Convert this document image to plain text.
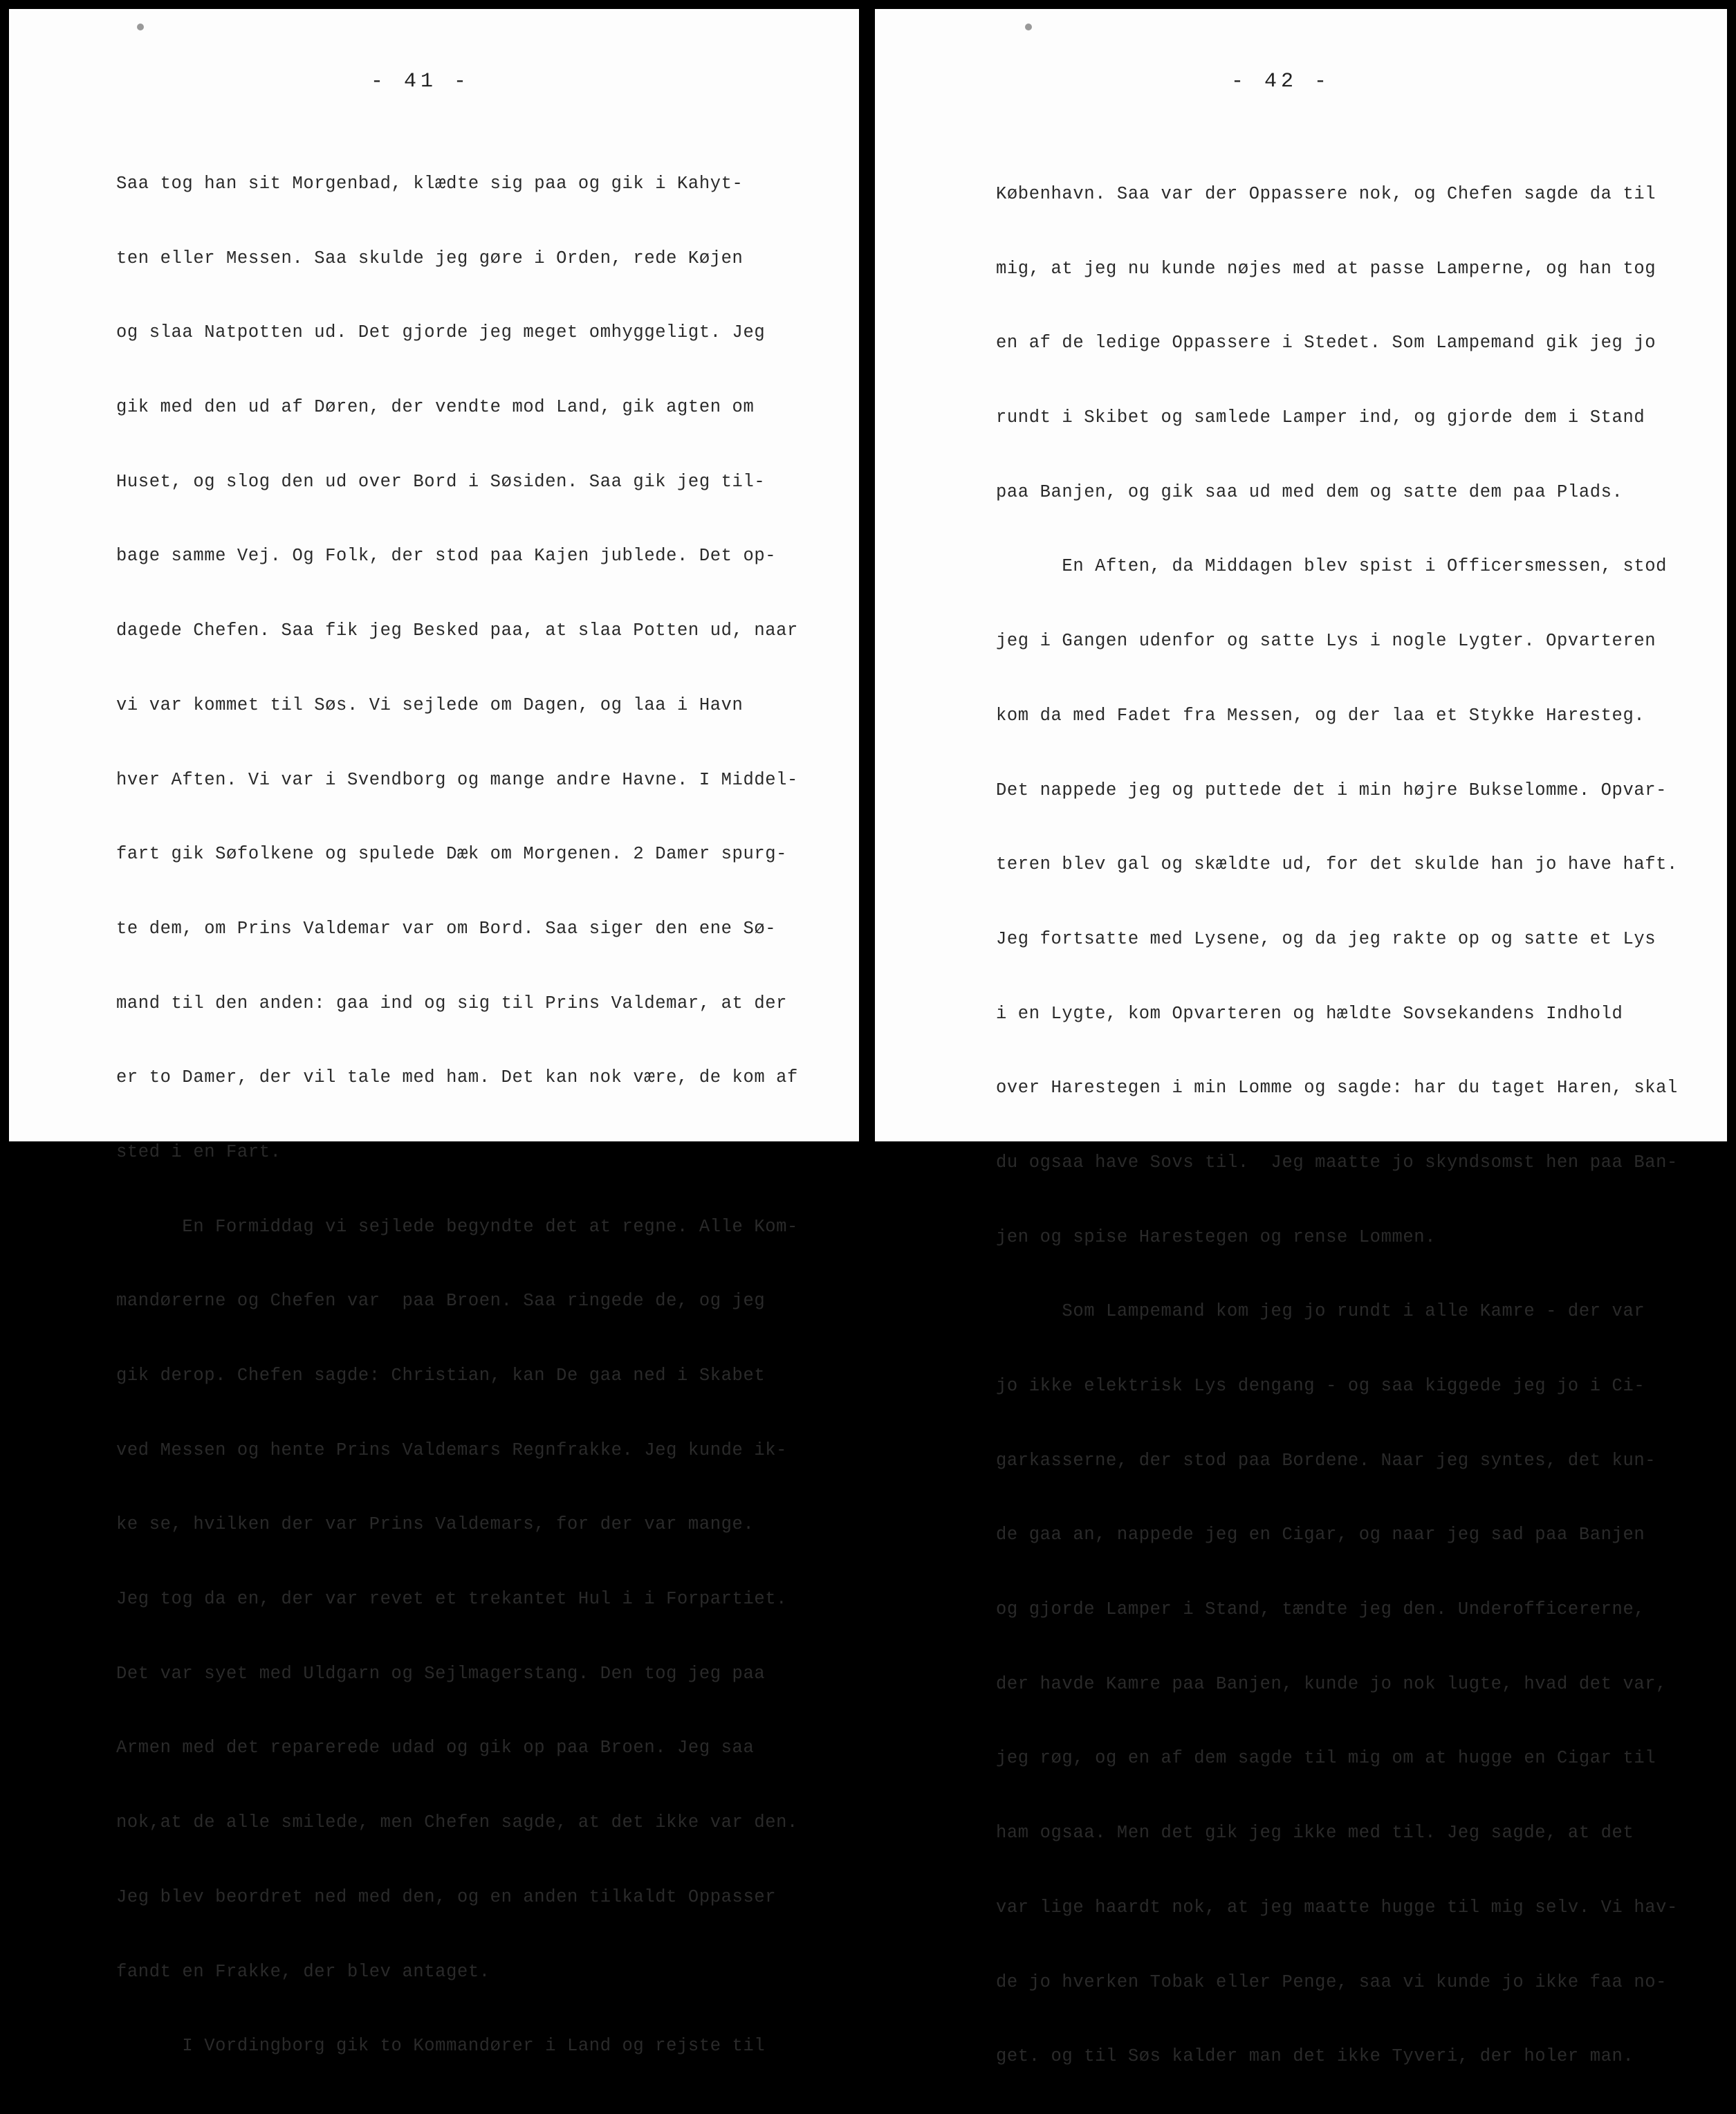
- 41 -

Saa tog han sit Morgenbad, klædte sig paa og gik i Kahyt-

ten eller Messen. Saa skulde jeg gøre i Orden, rede Køjen

og slaa Natpotten ud. Det gjorde jeg meget omhyggeligt. Jeg

gik med den ud af Døren, der vendte mod Land, gik agten om

Huset, og slog den ud over Bord i Søsiden. Saa gik jeg til-

bage samme Vej. Og Folk, der stod paa Kajen jublede. Det op-

dagede Chefen. Saa fik jeg Besked paa, at slaa Potten ud, naar

vi var kommet til Søs. Vi sejlede om Dagen, og laa i Havn

hver Aften. Vi var i Svendborg og mange andre Havne. I Middel-

fart gik Søfolkene og spulede Dæk om Morgenen. 2 Damer spurg-

te dem, om Prins Valdemar var om Bord. Saa siger den ene Sø-

mand til den anden: gaa ind og sig til Prins Valdemar, at der

er to Damer, der vil tale med ham. Det kan nok være, de kom af

sted i en Fart.

En Formiddag vi sejlede begyndte det at regne. Alle Kom-

mandørerne og Chefen var  paa Broen. Saa ringede de, og jeg

gik derop. Chefen sagde: Christian, kan De gaa ned i Skabet

ved Messen og hente Prins Valdemars Regnfrakke. Jeg kunde ik-

ke se, hvilken der var Prins Valdemars, for der var mange.

Jeg tog da en, der var revet et trekantet Hul i i Forpartiet.

Det var syet med Uldgarn og Sejlmagerstang. Den tog jeg paa

Armen med det reparerede udad og gik op paa Broen. Jeg saa

nok,at de alle smilede, men Chefen sagde, at det ikke var den.

Jeg blev beordret ned med den, og en anden tilkaldt Oppasser

fandt en Frakke, der blev antaget.

I Vordingborg gik to Kommandører i Land og rejste til

- 42 -

København. Saa var der Oppassere nok, og Chefen sagde da til

mig, at jeg nu kunde nøjes med at passe Lamperne, og han tog

en af de ledige Oppassere i Stedet. Som Lampemand gik jeg jo

rundt i Skibet og samlede Lamper ind, og gjorde dem i Stand

paa Banjen, og gik saa ud med dem og satte dem paa Plads.

En Aften, da Middagen blev spist i Officersmessen, stod

jeg i Gangen udenfor og satte Lys i nogle Lygter. Opvarteren

kom da med Fadet fra Messen, og der laa et Stykke Haresteg.

Det nappede jeg og puttede det i min højre Bukselomme. Opvar-

teren blev gal og skældte ud, for det skulde han jo have haft.

Jeg fortsatte med Lysene, og da jeg rakte op og satte et Lys

i en Lygte, kom Opvarteren og hældte Sovsekandens Indhold

over Harestegen i min Lomme og sagde: har du taget Haren, skal

du ogsaa have Sovs til.  Jeg maatte jo skyndsomst hen paa Ban-

jen og spise Harestegen og rense Lommen.

Som Lampemand kom jeg jo rundt i alle Kamre - der var

jo ikke elektrisk Lys dengang - og saa kiggede jeg jo i Ci-

garkasserne, der stod paa Bordene. Naar jeg syntes, det kun-

de gaa an, nappede jeg en Cigar, og naar jeg sad paa Banjen

og gjorde Lamper i Stand, tændte jeg den. Underofficererne,

der havde Kamre paa Banjen, kunde jo nok lugte, hvad det var,

jeg røg, og en af dem sagde til mig om at hugge en Cigar til

ham ogsaa. Men det gik jeg ikke med til. Jeg sagde, at det

var lige haardt nok, at jeg maatte hugge til mig selv. Vi hav-

de jo hverken Tobak eller Penge, saa vi kunde jo ikke faa no-

get. og til Søs kalder man det ikke Tyveri, der holer man.
